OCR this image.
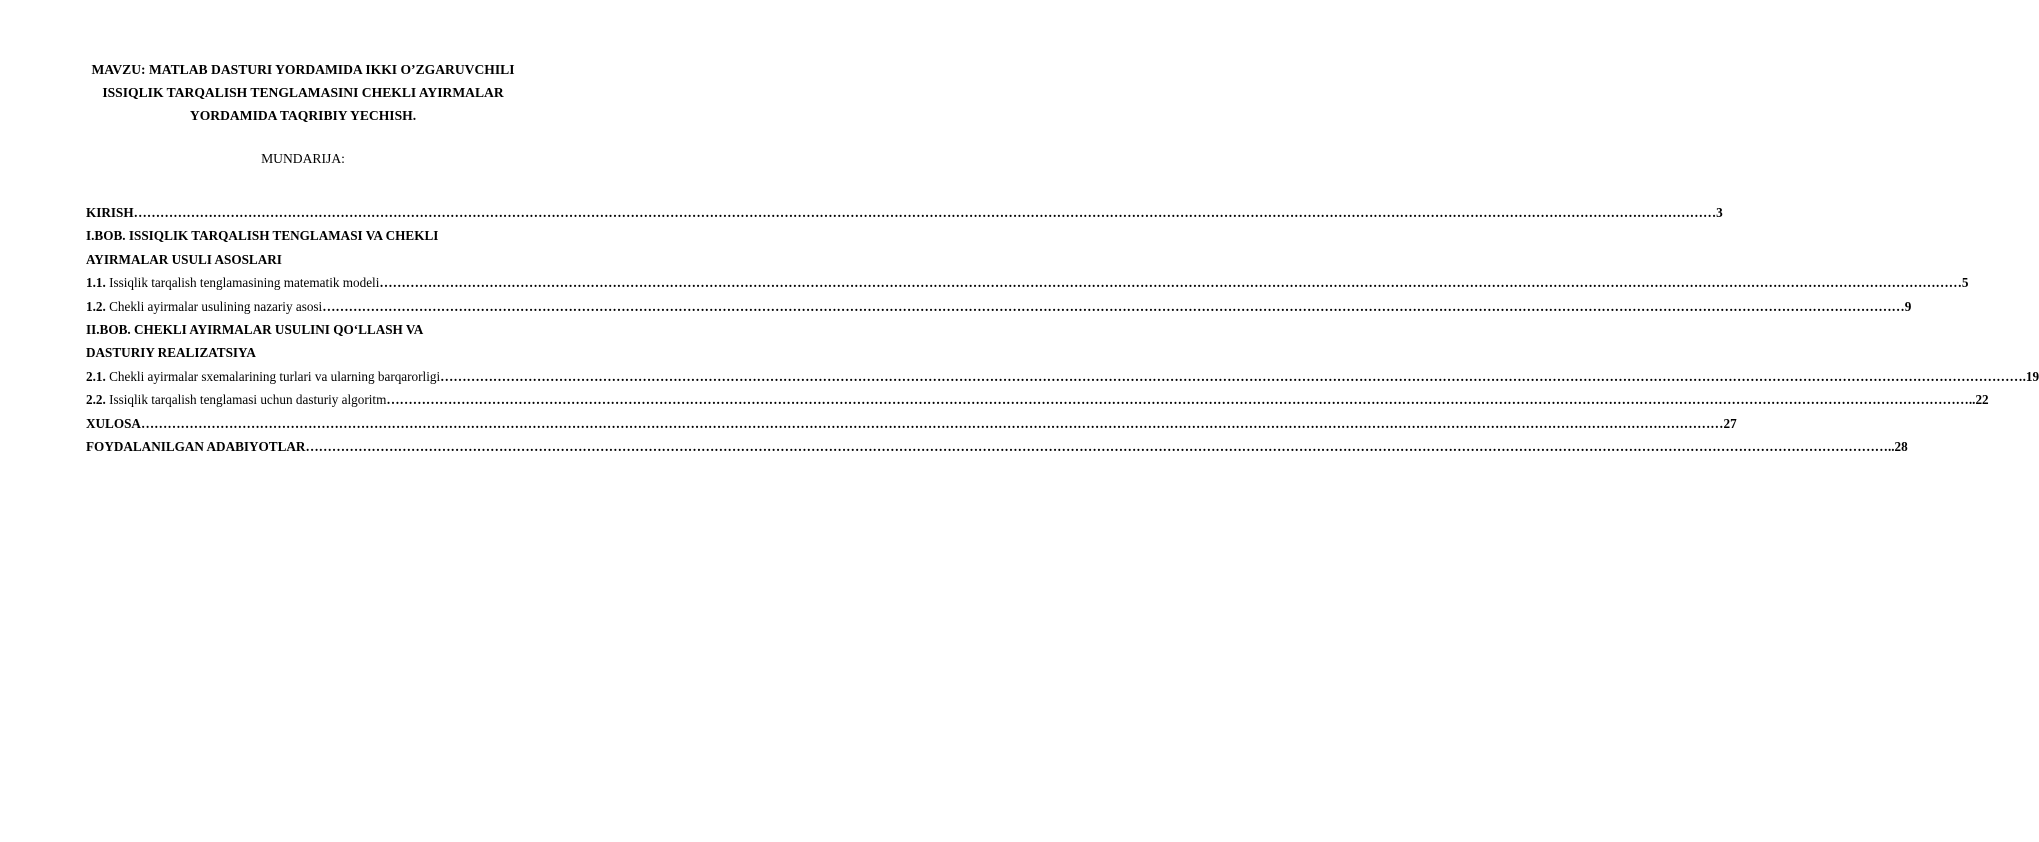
MAVZU: MATLAB DASTURI YORDAMIDA IKKI O’ZGARUVCHILI
ISSIQLIK TARQALISH TENGLAMASINI CHEKLI AYIRMALAR
YORDAMIDA TAQRIBIY YECHISH.
MUNDARIJA:
KIRISH ……………………………………………………………………………………………………………………………………………………………………………………………………………………………………………………………………………………………………………………………… 3
I.BOB. ISSIQLIK TARQALISH TENGLAMASI VA CHEKLI
AYIRMALAR USULI ASOSLARI
1.1. Issiqlik tarqalish tenglamasining matematik modeli ……………………………………………………………………………………………………………………………………………………………………………………………………………………………………………………………………………………………………………………………… 5
1.2. Chekli ayirmalar usulining nazariy asosi ……………………………………………………………………………………………………………………………………………………………………………………………………………………………………………………………………………………………………………………………… 9
II.BOB. CHEKLI AYIRMALAR USULINI QO‘LLASH VA
DASTURIY REALIZATSIYA
2.1. Chekli ayirmalar sxemalarining turlari va ularning barqarorligi ……………………………………………………………………………………………………………………………………………………………………………………………………………………………………………………………………………………………………………………………… .19
2.2. Issiqlik tarqalish tenglamasi uchun dasturiy algoritm ……………………………………………………………………………………………………………………………………………………………………………………………………………………………………………………………………………………………………………………………… ..22
XULOSA ……………………………………………………………………………………………………………………………………………………………………………………………………………………………………………………………………………………………………………………………… 27
FOYDALANILGAN ADABIYOTLAR ……………………………………………………………………………………………………………………………………………………………………………………………………………………………………………………………………………………………………………………………… ..28
